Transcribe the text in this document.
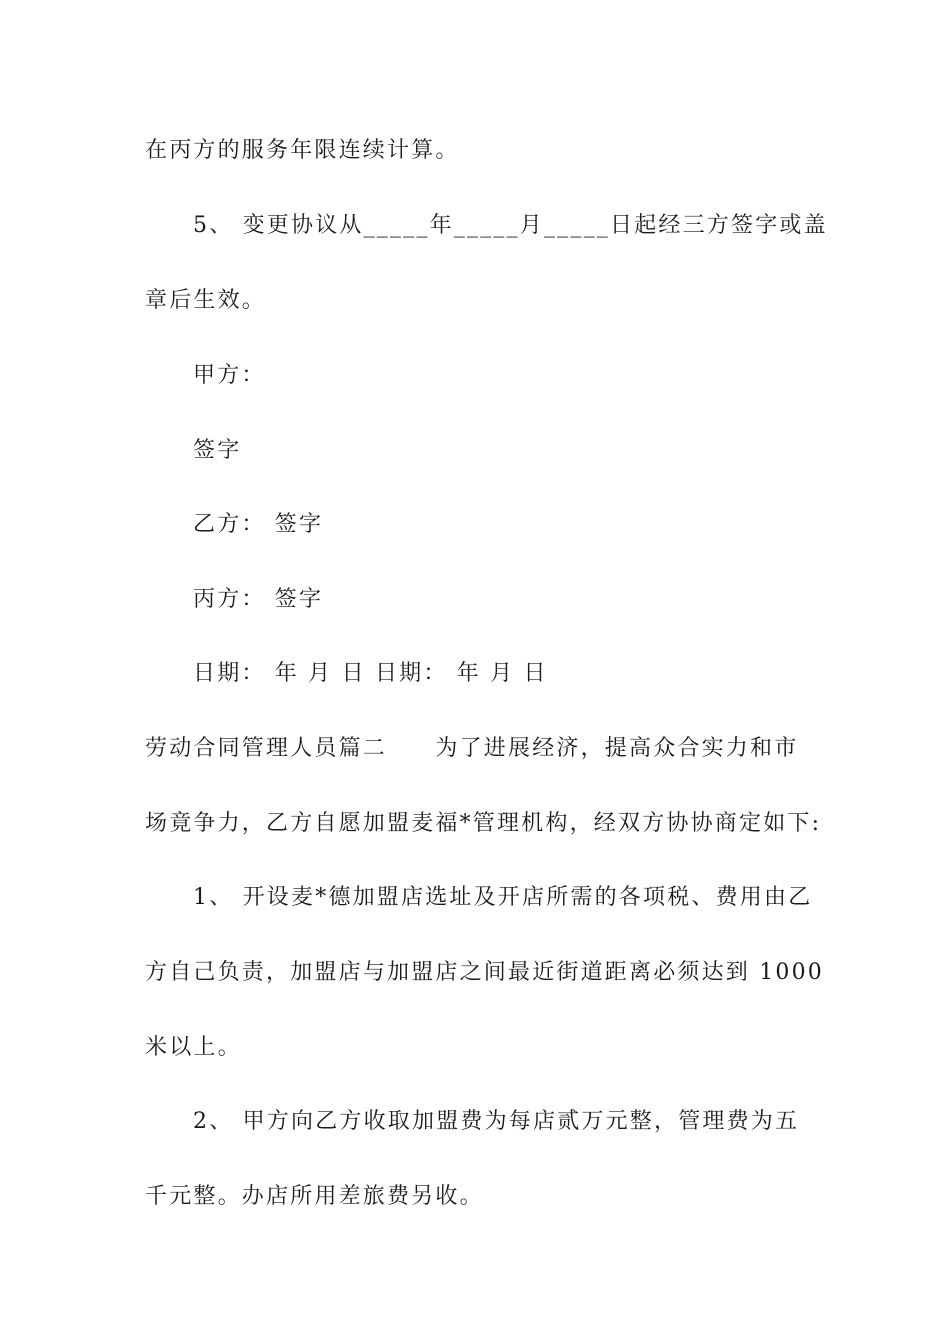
在丙方的服务年限连续计算。
5、 变更协议从_____年_____月_____日起经三方签字或盖
章后生效。
甲方：
签字
乙方： 签字
丙方： 签字
日期： 年 月 日 日期： 年 月 日
劳动合同管理人员篇二　　为了进展经济，提高众合实力和市
场竟争力，乙方自愿加盟麦福*管理机构，经双方协协商定如下:
1、 开设麦*德加盟店选址及开店所需的各项税、费用由乙
方自己负责，加盟店与加盟店之间最近街道距离必须达到 1000
米以上。
2、 甲方向乙方收取加盟费为每店贰万元整，管理费为五
千元整。办店所用差旅费另收。
